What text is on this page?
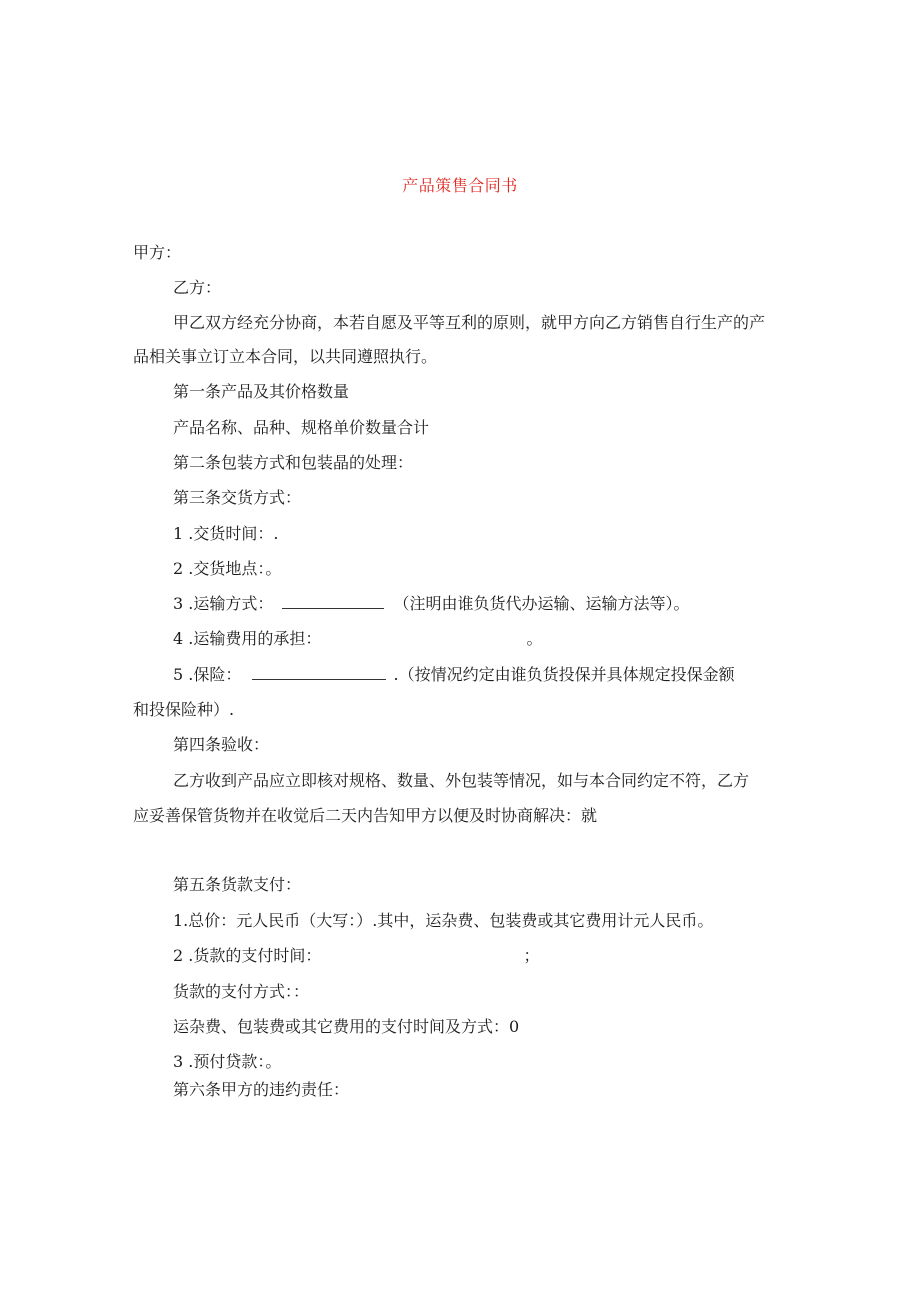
产品策售合同书
甲方：
乙方：
甲乙双方经充分协商，本若自愿及平等互利的原则，就甲方向乙方销售自行生产的产
品相关事立订立本合同，以共同遵照执行。
第一条产品及其价格数量
产品名称、品种、规格单价数量合计
第二条包装方式和包装晶的处理：
第三条交货方式：
1 .交货时间：.
2 .交货地点：。
3 .运输方式：	（注明由谁负货代办运输、运输方法等）。
4 .运输费用的承担：	。
5 .保险：	.（按情况约定由谁负货投保并具体规定投保金额
和投保险种）.
第四条验收：
乙方收到产品应立即核对规格、数量、外包装等情况，如与本合同约定不符，乙方
应妥善保管货物并在收觉后二天内告知甲方以便及时协商解决：就
第五条货款支付：
1.总价：元人民币（大写：）.其中，运杂费、包装费或其它费用计元人民币。
2 .货款的支付时间：	；
货款的支付方式：：
运杂费、包装费或其它费用的支付时间及方式：0
3 .预付贷款：。
第六条甲方的违约责任：
